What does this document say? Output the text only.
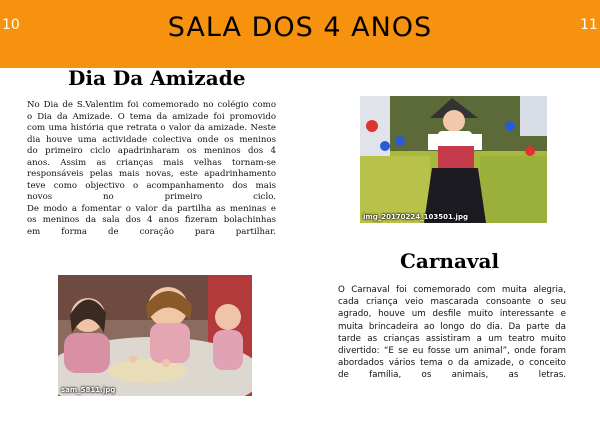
10	SALA DOS 4 ANOS	11
Dia Da Amizade

No Dia de S.Valentim foi comemorado no colégio como
o Dia da Amizade. O tema da amizade foi promovido
com uma história que retrata o valor da amizade. Neste
dia houve uma actividade colectiva onde os meninos
do primeiro ciclo apadrinharam os meninos dos 4
anos. Assim as crianças mais velhas tornam-se
responsáveis pelas mais novas, este apadrinhamento
teve como objectivo o acompanhamento dos mais
novos no primeiro ciclo.
De modo a fomentar o valor da partilha as meninas e
os meninos da sala dos 4 anos fizeram bolachinhas
em forma de coração para partilhar.

sam_5811.jpg
img_20170224_103501.jpg
Carnaval

O Carnaval foi comemorado com muita alegria,
cada criança veio mascarada consoante o seu
agrado, houve um desfile muito interessante e
muita brincadeira ao longo do dia. Da parte da
tarde as crianças assistiram a um teatro muito
divertido: “E se eu fosse um animal”, onde foram
abordados vários tema o da amizade, o conceito
de família, os animais, as letras.
